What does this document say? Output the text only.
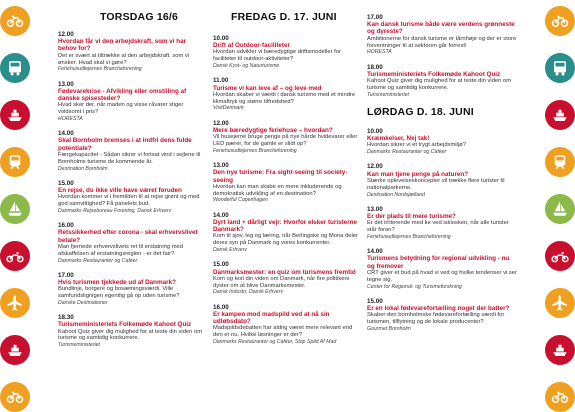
TORSDAG 16/6
12.00
Hvordan får vi den arbejdskraft, som vi har behov for?
Det er svært at tiltrække al den arbejdskraft, som vi ønsker. Hvad skal vi gøre?
Feriehusudlejernes Brancheforening
13.00
Fødevarekrise - Afvikling eller omstilling af danske spisesteder?
Hvad sker der, når maden og visse råvarer stiger voldsomt i pris?
HORESTA
14.00
Skal Bornholm bremses i at indfri dens fulde potentiale?
Færgekapacitet - Sådan sikrer vi fortsat vind i sejlene til Bornholms turisme de kommende år.
Destination Bornholm
15.00
En rejse, du ikke ville have været foruden
Hvordan kommer vi i fremtiden til at rejse grønt og med god samvittighed? Få panelets bud.
Danmarks Rejsebureau Forening, Dansk Erhverv
16.00
Retssikkerhed efter corona - skal erhvervslivet betale?
Man fjernede erhvervslivets ret til erstatning med afskaffelsen af erstatningsreglen - er det fair?
Danmarks Restauranter og Caféer
17.00
Hvis turismen tjekkede ud af Danmark?
Bundlinje, borgere og bosætningsværdi. Ville samfundslignigen egentlig gå op uden turisme?
Danske Destinationer
18.30
Turismeministeriets Folkemøde Kahoot Quiz
Kahoot Quiz giver dig mulighed for at teste din viden om turisme og samtidig konkurrere.
Turismeministeriet
FREDAG D. 17. JUNI
10.00
Drift af Outdoor-faciliteter
Hvordan udvikler vi bæredygtige driftsmodeller for faciliteter til outdoor-aktiviteter?
Dansk Kyst- og Naturturisme
11.00
Turisme vi kan leve af – og leve med
Hvordan skaber vi værdi i dansk turisme med et mindre klimaftryk og større tilfredshed?
VisitDenmark
12.00
Mere bæredygtige feriehuse – hvordan?
Vil husejerne bruge penge på nye hårde hvidevarer eller LED pærer, for de gamle er slidt op?
Feriehusudlejernes Brancheforening
13.00
Den nye turisme: Fra sight-seeing til society-seeing
Hvordan kan man skabe en mere inkluderende og demokratisk udvikling af en destination?
Wonderful Copenhagen
14.00
Dyrt land + dårligt vejr: Hvorfor elsker turisterne Danmark?
Kom til sjov, leg og læring, når Berlingske og Mona deler deres syn på Danmark og vores konkurrenter.
Dansk Erhverv
15.00
Danmarksmester: en quiz om turismens fremtid
Kom og test din viden om Danmark, når fire politikere dyster om at blive Danmarksmester.
Dansk Industri, Dansk Erhverv
16.00
Er kampen mod madspild ved at nå sin udløbsdato?
Madspildsdebatten har aldrig været mere relevant end den er nu. Hvilke løsninger er der?
Danmarks Restauranter og Caféer, Stop Spild Af Mad
17.00
Kan dansk turisme både være verdens grønneste og dyreste?
Ambitionerne for dansk turisme er tårnhøje og der er store forventninger til at sektoren går forrest!
HORESTA
18.00
Turismeministeriets Folkemøde Kahoot Quiz
Kahoot Quiz giver dig mulighed for at teste din viden om turisme og samtidig konkurrere.
Turismeministeriet
LØRDAG D. 18. JUNI
10.00
Kræmkelser, Nej tak!
Hvordan sikrer vi et trygt arbejdsmiljø?
Danmarks Restauranter og Caféer
12.00
Kan man tjene penge på naturen?
Stærke oplevelseskoncepter vil trække flere turister til nationalparkerne.
Destination Nordsjælland
13.00
Er der plads til mere turisme?
Er det irriterende med ke ved iskiosken, når alle turister står foran?
Feriehusudlejernes Brancheforening
14.00
Turismens betydning for regional udvikling - nu og fremover
CRT giver et bud på hvad vi ved og hvilke tendenser vi ser tegne sig.
Center for Regional- og Turismeforskning
15.00
Er en lokal fødevarefortælling noget der batter?
Skaber den bornholmske fødevarefortælling værdi for turismen, tilflytning og de lokale producenter?
Gourmet Bornholm
